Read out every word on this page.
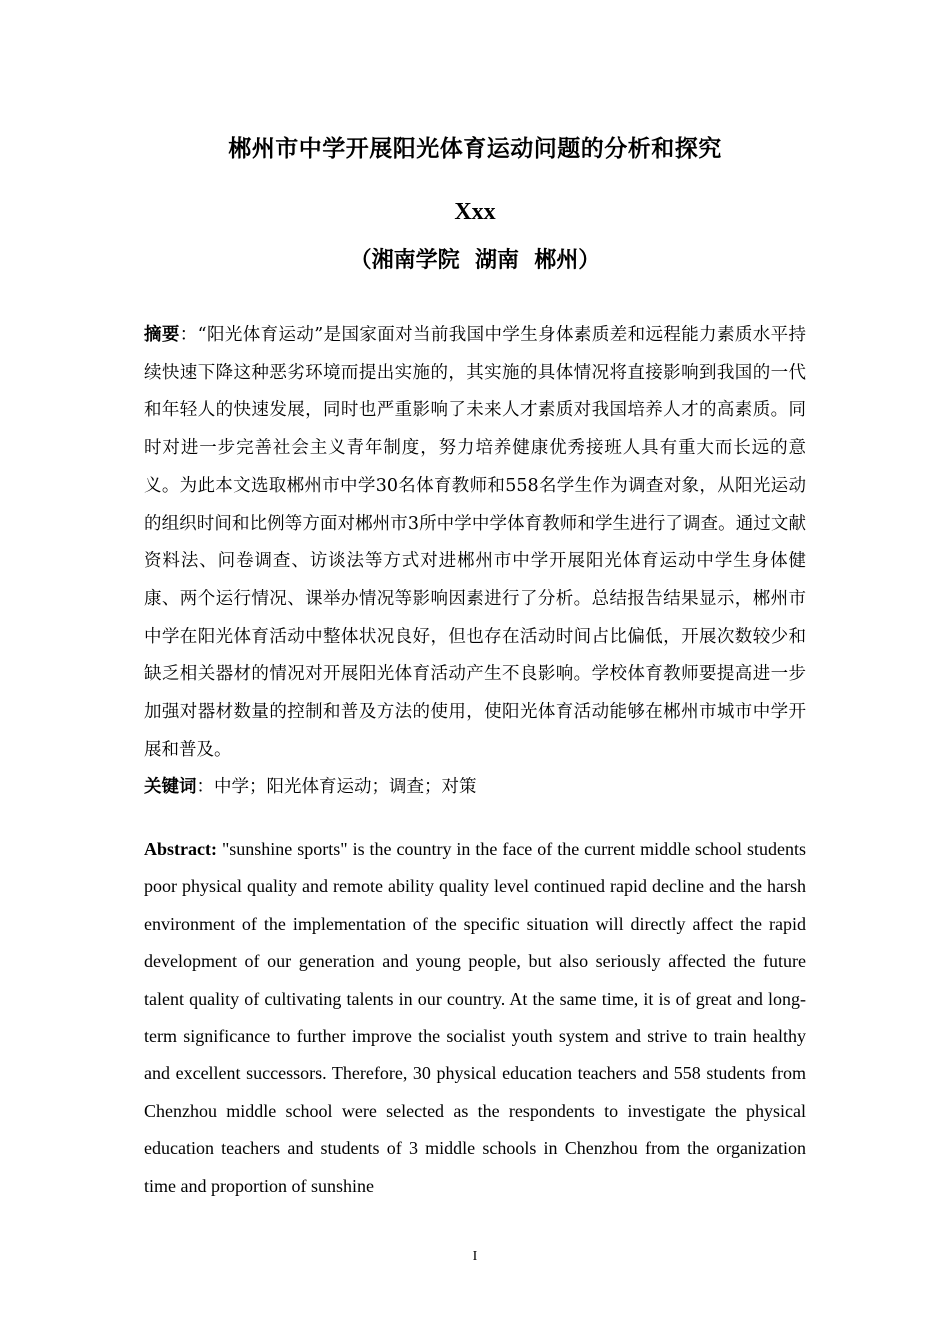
郴州市中学开展阳光体育运动问题的分析和探究
Xxx
（湘南学院  湖南  郴州）

摘要：“阳光体育运动”是国家面对当前我国中学生身体素质差和远程能力素质水平持续快速下降这种恶劣环境而提出实施的，其实施的具体情况将直接影响到我国的一代和年轻人的快速发展，同时也严重影响了未来人才素质对我国培养人才的高素质。同时对进一步完善社会主义青年制度，努力培养健康优秀接班人具有重大而长远的意义。为此本文选取郴州市中学30名体育教师和558名学生作为调查对象，从阳光运动的组织时间和比例等方面对郴州市3所中学中学体育教师和学生进行了调查。通过文献资料法、问卷调查、访谈法等方式对进郴州市中学开展阳光体育运动中学生身体健康、两个运行情况、课举办情况等影响因素进行了分析。总结报告结果显示，郴州市中学在阳光体育活动中整体状况良好，但也存在活动时间占比偏低，开展次数较少和缺乏相关器材的情况对开展阳光体育活动产生不良影响。学校体育教师要提高进一步加强对器材数量的控制和普及方法的使用，使阳光体育活动能够在郴州市城市中学开展和普及。

关键词：中学；阳光体育运动；调查；对策

Abstract: "sunshine sports" is the country in the face of the current middle school students poor physical quality and remote ability quality level continued rapid decline and the harsh environment of the implementation of the specific situation will directly affect the rapid development of our generation and young people, but also seriously affected the future talent quality of cultivating talents in our country. At the same time, it is of great and long-term significance to further improve the socialist youth system and strive to train healthy and excellent successors. Therefore, 30 physical education teachers and 558 students from Chenzhou middle school were selected as the respondents to investigate the physical education teachers and students of 3 middle schools in Chenzhou from the organization time and proportion of sunshine

I
